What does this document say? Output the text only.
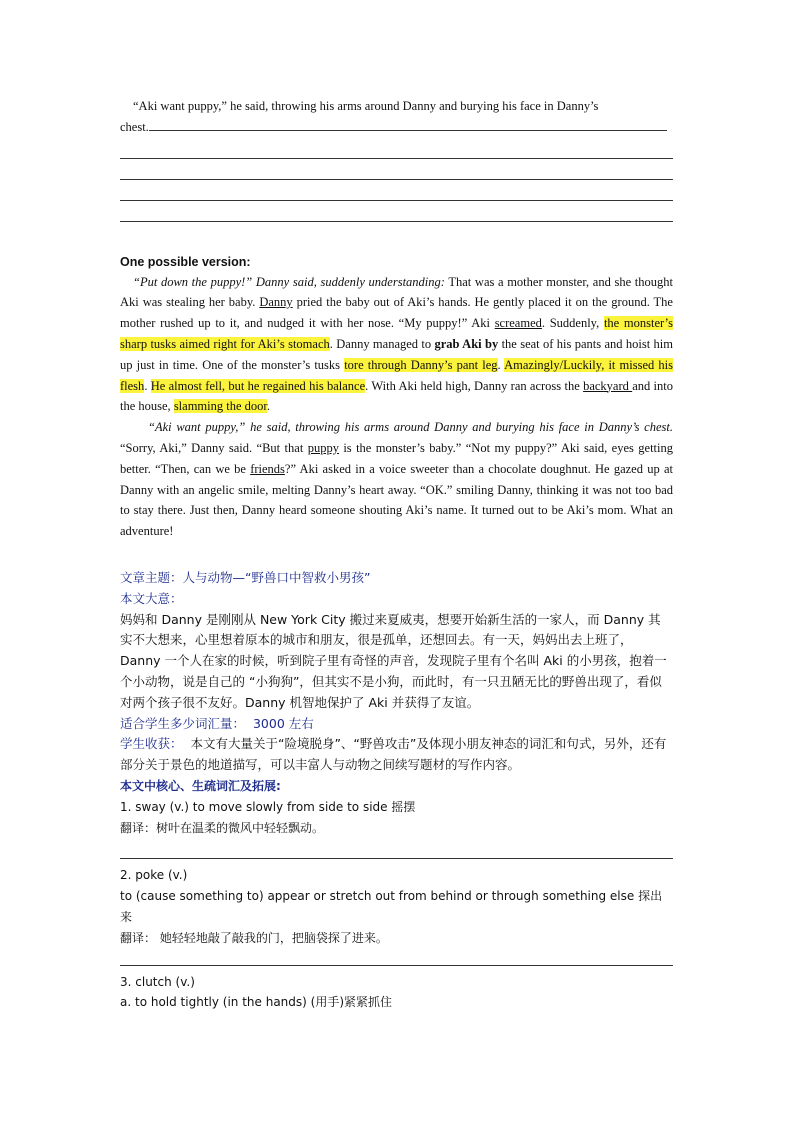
“Aki want puppy,” he said, throwing his arms around Danny and burying his face in Danny’s
chest.

One possible version:

“Put down the puppy!” Danny said, suddenly understanding: That was a mother monster, and she thought Aki was stealing her baby. Danny pried the baby out of Aki’s hands. He gently placed it on the ground. The mother rushed up to it, and nudged it with her nose. “My puppy!” Aki screamed. Suddenly, the monster’s sharp tusks aimed right for Aki’s stomach. Danny managed to grab Aki by the seat of his pants and hoist him up just in time. One of the monster’s tusks tore through Danny’s pant leg. Amazingly/Luckily, it missed his flesh. He almost fell, but he regained his balance. With Aki held high, Danny ran across the backyard and into the house, slamming the door.

“Aki want puppy,” he said, throwing his arms around Danny and burying his face in Danny’s chest. “Sorry, Aki,” Danny said. “But that puppy is the monster’s baby.” “Not my puppy?” Aki said, eyes getting better. “Then, can we be friends?” Aki asked in a voice sweeter than a chocolate doughnut. He gazed up at Danny with an angelic smile, melting Danny’s heart away. “OK.” smiling Danny, thinking it was not too bad to stay there. Just then, Danny heard someone shouting Aki’s name. It turned out to be Aki’s mom. What an adventure!

文章主题：人与动物—“野兽口中智救小男孩”

本文大意：

妈妈和 Danny 是刚刚从 New York City 搬过来夏威夷，想要开始新生活的一家人，而 Danny 其实不大想来，心里想着原本的城市和朋友，很是孤单，还想回去。有一天，妈妈出去上班了，Danny 一个人在家的时候，听到院子里有奇怪的声音，发现院子里有个名叫 Aki 的小男孩，抱着一个小动物，说是自己的 “小狗狗”，但其实不是小狗，而此时，有一只丑陋无比的野兽出现了，看似对两个孩子很不友好。Danny 机智地保护了 Aki 并获得了友谊。

适合学生多少词汇量： 3000 左右

学生收获： 本文有大量关于“险境脱身”、“野兽攻击”及体现小朋友神态的词汇和句式，另外，还有部分关于景色的地道描写，可以丰富人与动物之间续写题材的写作内容。

本文中核心、生疏词汇及拓展:

1. sway (v.) to move slowly from side to side 摇摆

翻译：树叶在温柔的微风中轻轻飘动。

2. poke (v.)

to (cause something to) appear or stretch out from behind or through something else 探出来

翻译： 她轻轻地敲了敲我的门，把脑袋探了进来。

3. clutch (v.)

a. to hold tightly (in the hands) (用手)紧紧抓住
